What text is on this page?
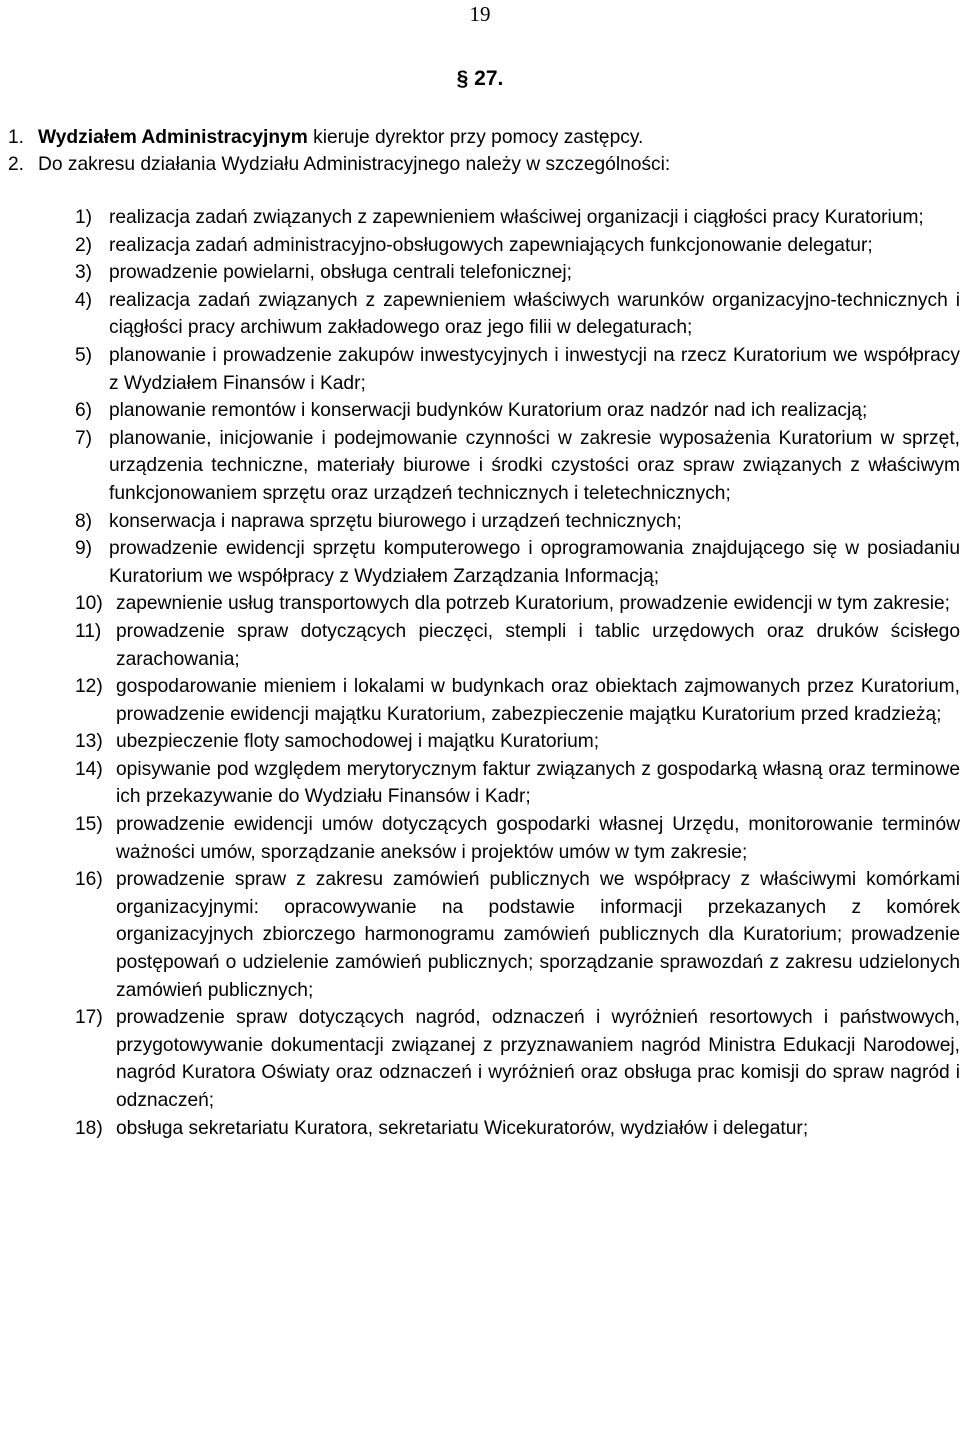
19
§ 27.
1. Wydziałem Administracyjnym kieruje dyrektor przy pomocy zastępcy.
2. Do zakresu działania Wydziału Administracyjnego należy w szczególności:
1) realizacja zadań związanych z zapewnieniem właściwej organizacji i ciągłości pracy Kuratorium;
2) realizacja zadań administracyjno-obsługowych zapewniających funkcjonowanie delegatur;
3) prowadzenie powielarni, obsługa centrali telefonicznej;
4) realizacja zadań związanych z zapewnieniem właściwych warunków organizacyjno-technicznych i ciągłości pracy archiwum zakładowego oraz jego filii w delegaturach;
5) planowanie i prowadzenie zakupów inwestycyjnych i inwestycji na rzecz Kuratorium we współpracy z Wydziałem Finansów i Kadr;
6) planowanie remontów i konserwacji budynków Kuratorium oraz nadzór nad ich realizacją;
7) planowanie, inicjowanie i podejmowanie czynności w zakresie wyposażenia Kuratorium w sprzęt, urządzenia techniczne, materiały biurowe i środki czystości oraz spraw związanych z właściwym funkcjonowaniem sprzętu oraz urządzeń technicznych i teletechnicznych;
8) konserwacja i naprawa sprzętu biurowego i urządzeń technicznych;
9) prowadzenie ewidencji sprzętu komputerowego i oprogramowania znajdującego się w posiadaniu Kuratorium we współpracy z Wydziałem Zarządzania Informacją;
10) zapewnienie usług transportowych dla potrzeb Kuratorium, prowadzenie ewidencji w tym zakresie;
11) prowadzenie spraw dotyczących pieczęci, stempli i tablic urzędowych oraz druków ścisłego zarachowania;
12) gospodarowanie mieniem i lokalami w budynkach oraz obiektach zajmowanych przez Kuratorium, prowadzenie ewidencji majątku Kuratorium, zabezpieczenie majątku Kuratorium przed kradzieżą;
13) ubezpieczenie floty samochodowej i majątku Kuratorium;
14) opisywanie pod względem merytorycznym faktur związanych z gospodarką własną oraz terminowe ich przekazywanie do Wydziału Finansów i Kadr;
15) prowadzenie ewidencji umów dotyczących gospodarki własnej Urzędu, monitorowanie terminów ważności umów, sporządzanie aneksów i projektów umów w tym zakresie;
16) prowadzenie spraw z zakresu zamówień publicznych we współpracy z właściwymi komórkami organizacyjnymi: opracowywanie na podstawie informacji przekazanych z komórek organizacyjnych zbiorczego harmonogramu zamówień publicznych dla Kuratorium; prowadzenie postępowań o udzielenie zamówień publicznych; sporządzanie sprawozdań z zakresu udzielonych zamówień publicznych;
17) prowadzenie spraw dotyczących nagród, odznaczeń i wyróżnień resortowych i państwowych, przygotowywanie dokumentacji związanej z przyznawaniem nagród Ministra Edukacji Narodowej, nagród Kuratora Oświaty oraz odznaczeń i wyróżnień oraz obsługa prac komisji do spraw nagród i odznaczeń;
18) obsługa sekretariatu Kuratora, sekretariatu Wicekuratorów, wydziałów i delegatur;
